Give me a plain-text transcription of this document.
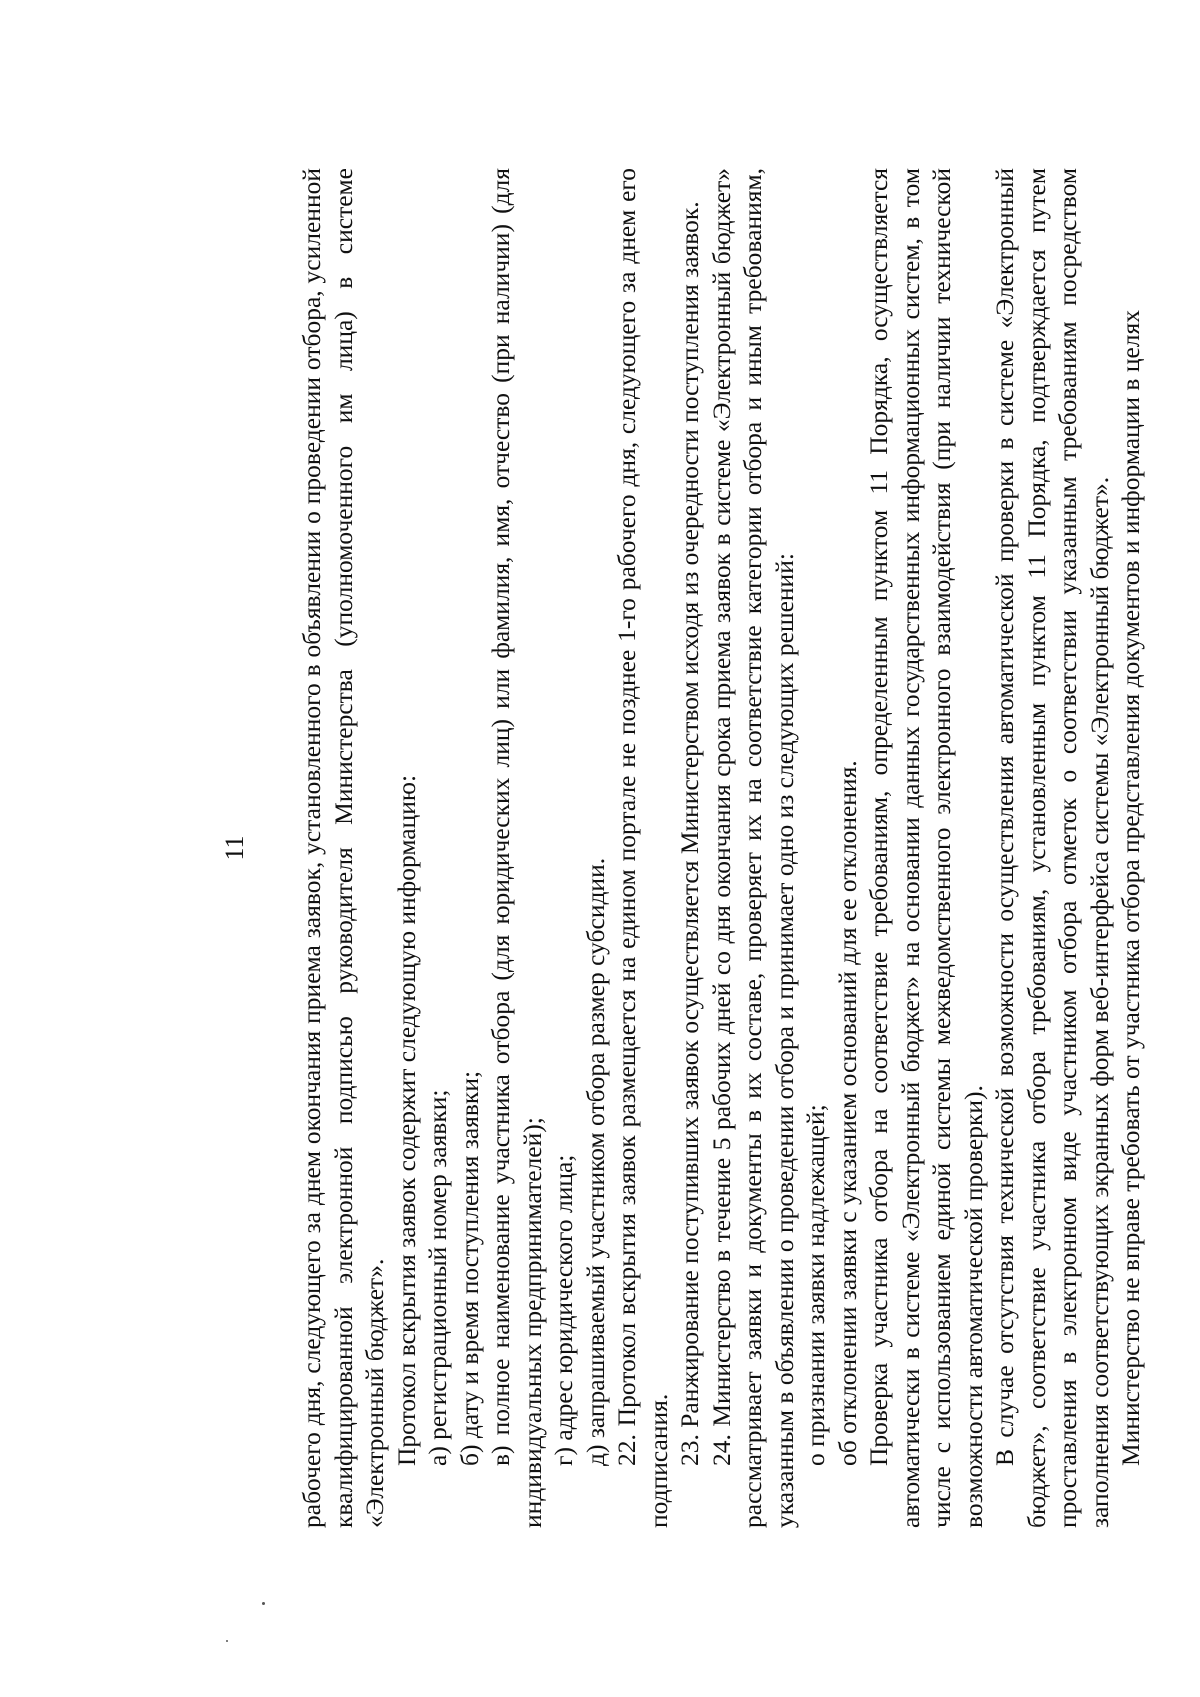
11 рабочего дня, следующего за днем окончания приема заявок, установленного в объявлении о проведении отбора, усиленной квалифицированной электронной подписью руководителя Министерства (уполномоченного им лица) в системе «Электронный бюджет». Протокол вскрытия заявок содержит следующую информацию: а) регистрационный номер заявки; б) дату и время поступления заявки; в) полное наименование участника отбора (для юридических лиц) или фамилия, имя, отчество (при наличии) (для индивидуальных предпринимателей); г) адрес юридического лица; д) запрашиваемый участником отбора размер субсидии. 22. Протокол вскрытия заявок размещается на едином портале не позднее 1-го рабочего дня, следующего за днем его подписания. 23. Ранжирование поступивших заявок осуществляется Министерством исходя из очередности поступления заявок. 24. Министерство в течение 5 рабочих дней со дня окончания срока приема заявок в системе «Электронный бюджет» рассматривает заявки и документы в их составе, проверяет их на соответствие категории отбора и иным требованиям, указанным в объявлении о проведении отбора и принимает одно из следующих решений: о признании заявки надлежащей; об отклонении заявки с указанием оснований для ее отклонения. Проверка участника отбора на соответствие требованиям, определенным пунктом 11 Порядка, осуществляется автоматически в системе «Электронный бюджет» на основании данных государственных информационных систем, в том числе с использованием единой системы межведомственного электронного взаимодействия (при наличии технической возможности автоматической проверки). В случае отсутствия технической возможности осуществления автоматической проверки в системе «Электронный бюджет», соответствие участника отбора требованиям, установленным пунктом 11 Порядка, подтверждается путем проставления в электронном виде участником отбора отметок о соответствии указанным требованиям посредством заполнения соответствующих экранных форм веб-интерфейса системы «Электронный бюджет». Министерство не вправе требовать от участника отбора представления документов и информации в целях
